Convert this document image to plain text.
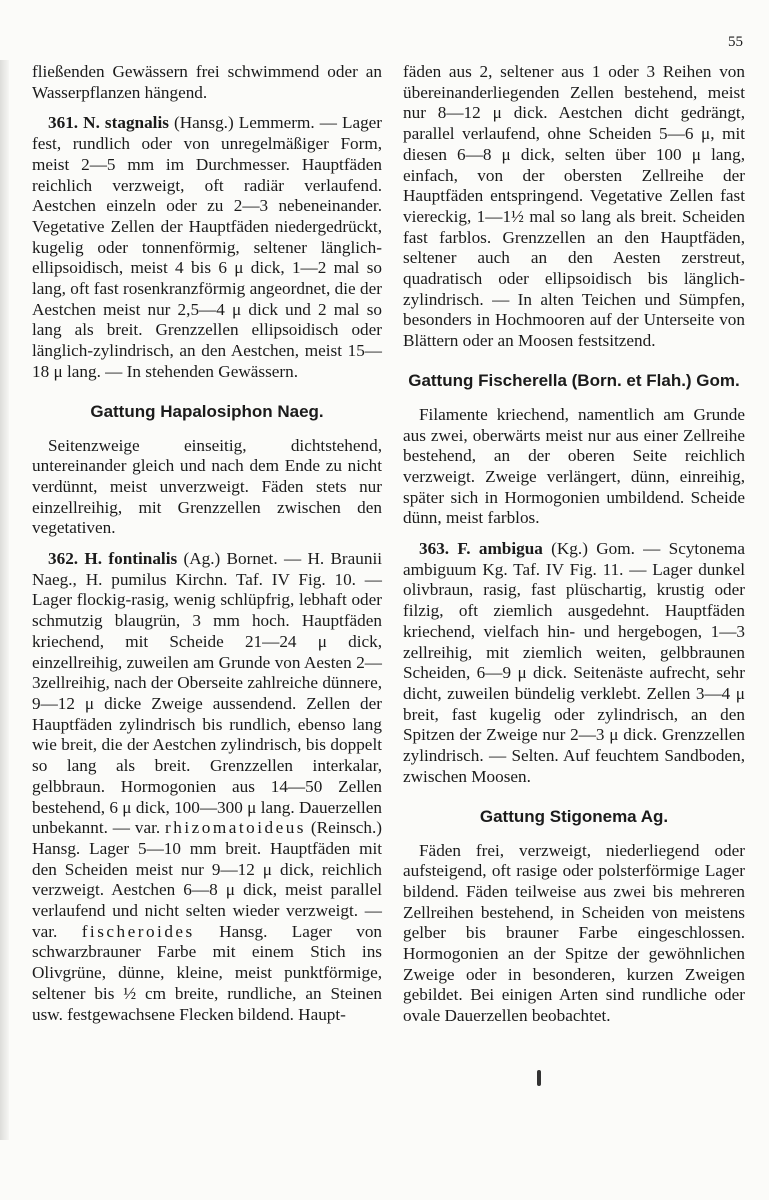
55

fließenden Gewässern frei schwimmend oder an Wasserpflanzen hängend.

361. N. stagnalis (Hansg.) Lemmerm. — Lager fest, rundlich oder von unregelmäßiger Form, meist 2—5 mm im Durchmesser. Hauptfäden reichlich verzweigt, oft radiär verlaufend. Aestchen einzeln oder zu 2—3 nebeneinander. Vegetative Zellen der Hauptfäden niedergedrückt, kugelig oder tonnenförmig, seltener länglich-ellipsoidisch, meist 4 bis 6 μ dick, 1—2 mal so lang, oft fast rosenkranzförmig angeordnet, die der Aestchen meist nur 2,5—4 μ dick und 2 mal so lang als breit. Grenzzellen ellipsoidisch oder länglich-zylindrisch, an den Aestchen, meist 15—18 μ lang. — In stehenden Gewässern.

Gattung Hapalosiphon Naeg.

Seitenzweige einseitig, dichtstehend, untereinander gleich und nach dem Ende zu nicht verdünnt, meist unverzweigt. Fäden stets nur einzellreihig, mit Grenzzellen zwischen den vegetativen.

362. H. fontinalis (Ag.) Bornet. — H. Braunii Naeg., H. pumilus Kirchn. Taf. IV Fig. 10. — Lager flockig-rasig, wenig schlüpfrig, lebhaft oder schmutzig blaugrün, 3 mm hoch. Hauptfäden kriechend, mit Scheide 21—24 μ dick, einzellreihig, zuweilen am Grunde von Aesten 2—3zellreihig, nach der Oberseite zahlreiche dünnere, 9—12 μ dicke Zweige aussendend. Zellen der Hauptfäden zylindrisch bis rundlich, ebenso lang wie breit, die der Aestchen zylindrisch, bis doppelt so lang als breit. Grenzzellen interkalar, gelbbraun. Hormogonien aus 14—50 Zellen bestehend, 6 μ dick, 100—300 μ lang. Dauerzellen unbekannt. — var. rhizomatoideus (Reinsch.) Hansg. Lager 5—10 mm breit. Hauptfäden mit den Scheiden meist nur 9—12 μ dick, reichlich verzweigt. Aestchen 6—8 μ dick, meist parallel verlaufend und nicht selten wieder verzweigt. — var. fischeroides Hansg. Lager von schwarzbrauner Farbe mit einem Stich ins Olivgrüne, dünne, kleine, meist punktförmige, seltener bis ½ cm breite, rundliche, an Steinen usw. festgewachsene Flecken bildend. Haupt-

fäden aus 2, seltener aus 1 oder 3 Reihen von übereinanderliegenden Zellen bestehend, meist nur 8—12 μ dick. Aestchen dicht gedrängt, parallel verlaufend, ohne Scheiden 5—6 μ, mit diesen 6—8 μ dick, selten über 100 μ lang, einfach, von der obersten Zellreihe der Hauptfäden entspringend. Vegetative Zellen fast viereckig, 1—1½ mal so lang als breit. Scheiden fast farblos. Grenzzellen an den Hauptfäden, seltener auch an den Aesten zerstreut, quadratisch oder ellipsoidisch bis länglich-zylindrisch. — In alten Teichen und Sümpfen, besonders in Hochmooren auf der Unterseite von Blättern oder an Moosen festsitzend.

Gattung Fischerella (Born. et Flah.) Gom.

Filamente kriechend, namentlich am Grunde aus zwei, oberwärts meist nur aus einer Zellreihe bestehend, an der oberen Seite reichlich verzweigt. Zweige verlängert, dünn, einreihig, später sich in Hormogonien umbildend. Scheide dünn, meist farblos.

363. F. ambigua (Kg.) Gom. — Scytonema ambiguum Kg. Taf. IV Fig. 11. — Lager dunkel olivbraun, rasig, fast plüschartig, krustig oder filzig, oft ziemlich ausgedehnt. Hauptfäden kriechend, vielfach hin- und hergebogen, 1—3 zellreihig, mit ziemlich weiten, gelbbraunen Scheiden, 6—9 μ dick. Seitenäste aufrecht, sehr dicht, zuweilen bündelig verklebt. Zellen 3—4 μ breit, fast kugelig oder zylindrisch, an den Spitzen der Zweige nur 2—3 μ dick. Grenzzellen zylindrisch. — Selten. Auf feuchtem Sandboden, zwischen Moosen.

Gattung Stigonema Ag.

Fäden frei, verzweigt, niederliegend oder aufsteigend, oft rasige oder polsterförmige Lager bildend. Fäden teilweise aus zwei bis mehreren Zellreihen bestehend, in Scheiden von meistens gelber bis brauner Farbe eingeschlossen. Hormogonien an der Spitze der gewöhnlichen Zweige oder in besonderen, kurzen Zweigen gebildet. Bei einigen Arten sind rundliche oder ovale Dauerzellen beobachtet.
